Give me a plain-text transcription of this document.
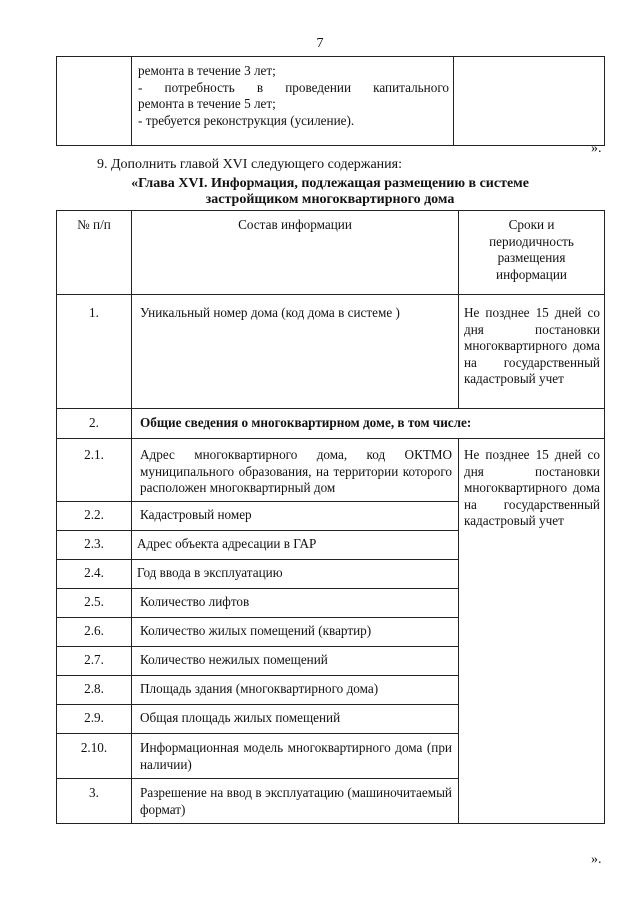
7

ремонта в течение 3 лет;
- потребность в проведении капитального
ремонта в течение 5 лет;
- требуется реконструкция (усиление).

».
9. Дополнить главой XVI следующего содержания:
«Глава XVI. Информация, подлежащая размещению в системе
застройщиком многоквартирного дома
№ п/п	Состав информации	Сроки и периодичность размещения информации
1.	Уникальный номер дома (код дома в системе )	Не позднее 15 дней со дня постановки многоквартирного дома на государственный кадастровый учет
2.	Общие сведения о многоквартирном доме, в том числе:	
2.1.	Адрес многоквартирного дома, код ОКТМО муниципального образования, на территории которого расположен многоквартирный дом	Не позднее 15 дней со дня постановки многоквартирного дома на государственный кадастровый учет
2.2.	Кадастровый номер	
2.3.	Адрес объекта адресации в ГАР	
2.4.	Год ввода в эксплуатацию	
2.5.	Количество лифтов	
2.6.	Количество жилых помещений (квартир)	
2.7.	Количество нежилых помещений	
2.8.	Площадь здания (многоквартирного дома)	
2.9.	Общая площадь жилых помещений	
2.10.	Информационная модель многоквартирного дома (при наличии)	
3.	Разрешение на ввод в эксплуатацию (машиночитаемый формат)	
».
